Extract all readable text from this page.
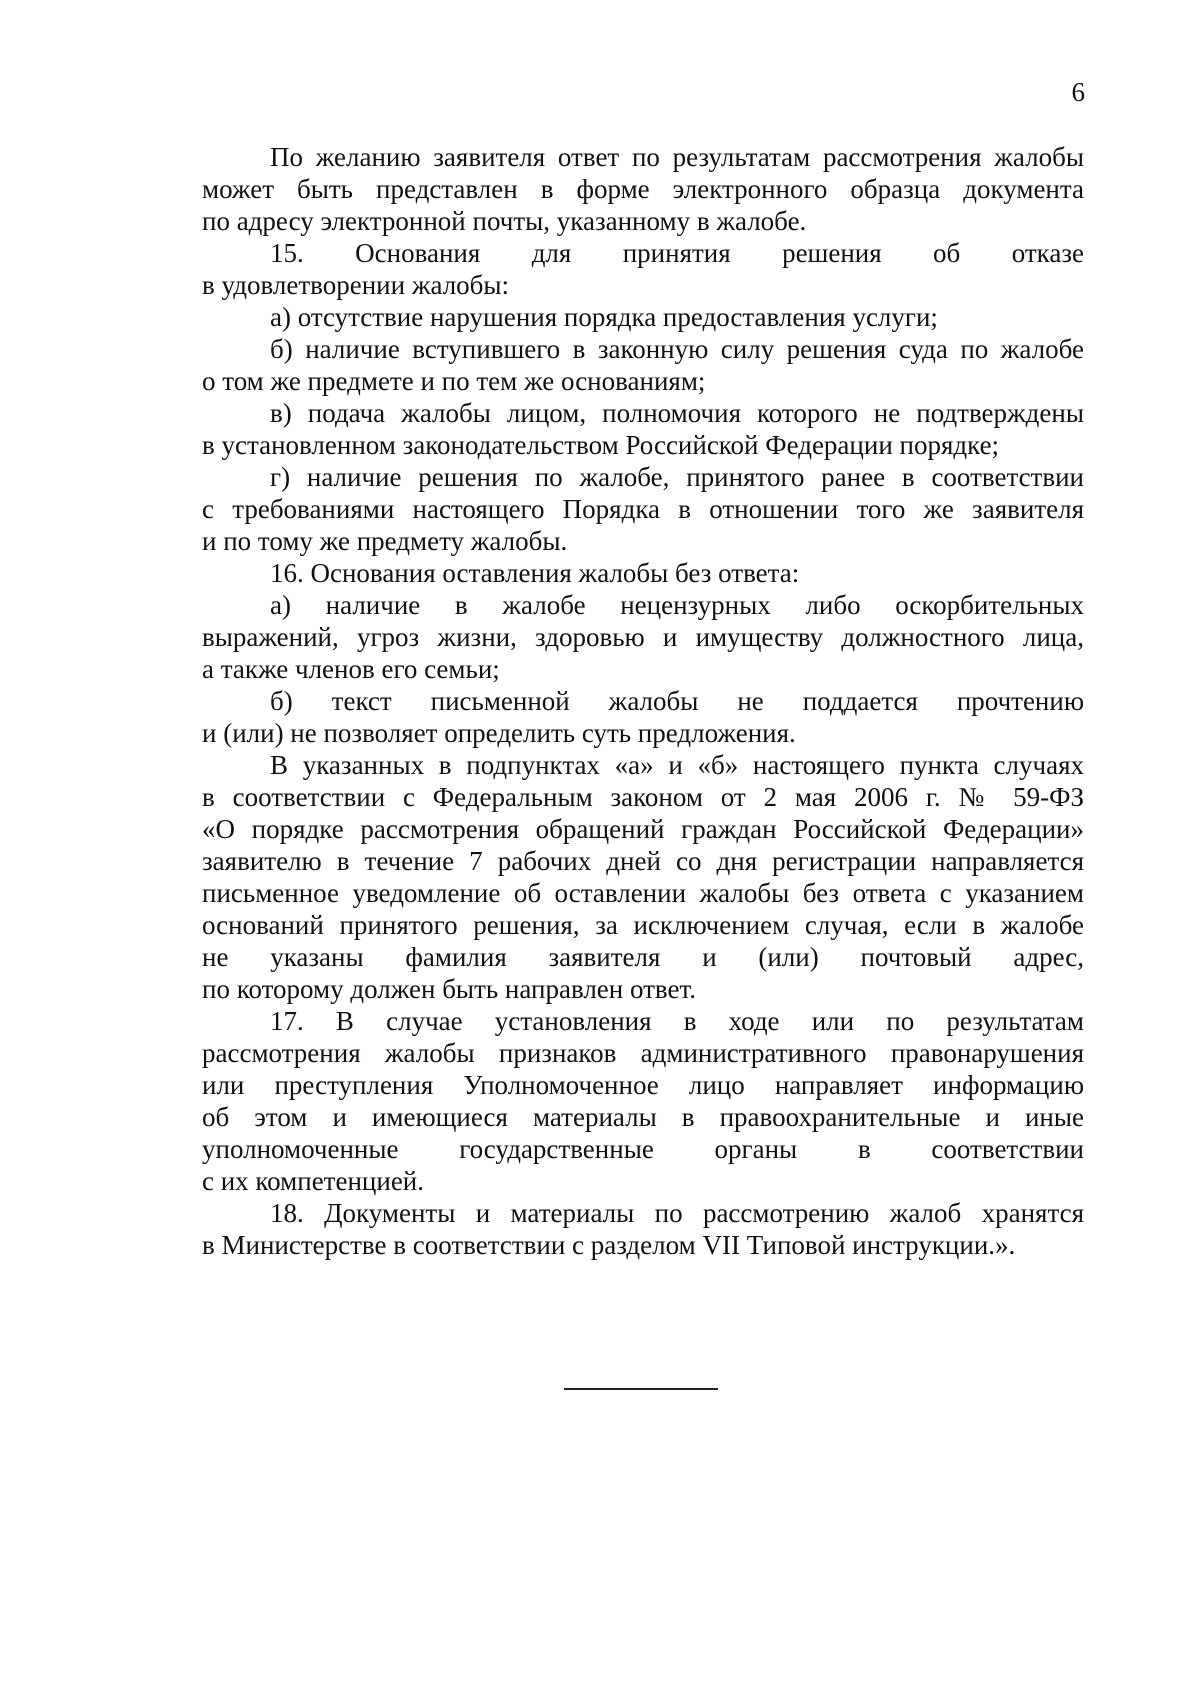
6
По желанию заявителя ответ по результатам рассмотрения жалобы
может быть представлен в форме электронного образца документа
по адресу электронной почты, указанному в жалобе.
15. Основания для принятия решения об отказе
в удовлетворении жалобы:
а) отсутствие нарушения порядка предоставления услуги;
б) наличие вступившего в законную силу решения суда по жалобе
о том же предмете и по тем же основаниям;
в) подача жалобы лицом, полномочия которого не подтверждены
в установленном законодательством Российской Федерации порядке;
г) наличие решения по жалобе, принятого ранее в соответствии
с требованиями настоящего Порядка в отношении того же заявителя
и по тому же предмету жалобы.
16. Основания оставления жалобы без ответа:
а) наличие в жалобе нецензурных либо оскорбительных
выражений, угроз жизни, здоровью и имуществу должностного лица,
а также членов его семьи;
б) текст письменной жалобы не поддается прочтению
и (или) не позволяет определить суть предложения.
В указанных в подпунктах «а» и «б» настоящего пункта случаях
в соответствии с Федеральным законом от 2 мая 2006 г. № 59-ФЗ
«О порядке рассмотрения обращений граждан Российской Федерации»
заявителю в течение 7 рабочих дней со дня регистрации направляется
письменное уведомление об оставлении жалобы без ответа с указанием
оснований принятого решения, за исключением случая, если в жалобе
не указаны фамилия заявителя и (или) почтовый адрес,
по которому должен быть направлен ответ.
17. В случае установления в ходе или по результатам
рассмотрения жалобы признаков административного правонарушения
или преступления Уполномоченное лицо направляет информацию
об этом и имеющиеся материалы в правоохранительные и иные
уполномоченные государственные органы в соответствии
с их компетенцией.
18. Документы и материалы по рассмотрению жалоб хранятся
в Министерстве в соответствии с разделом VII Типовой инструкции.».
